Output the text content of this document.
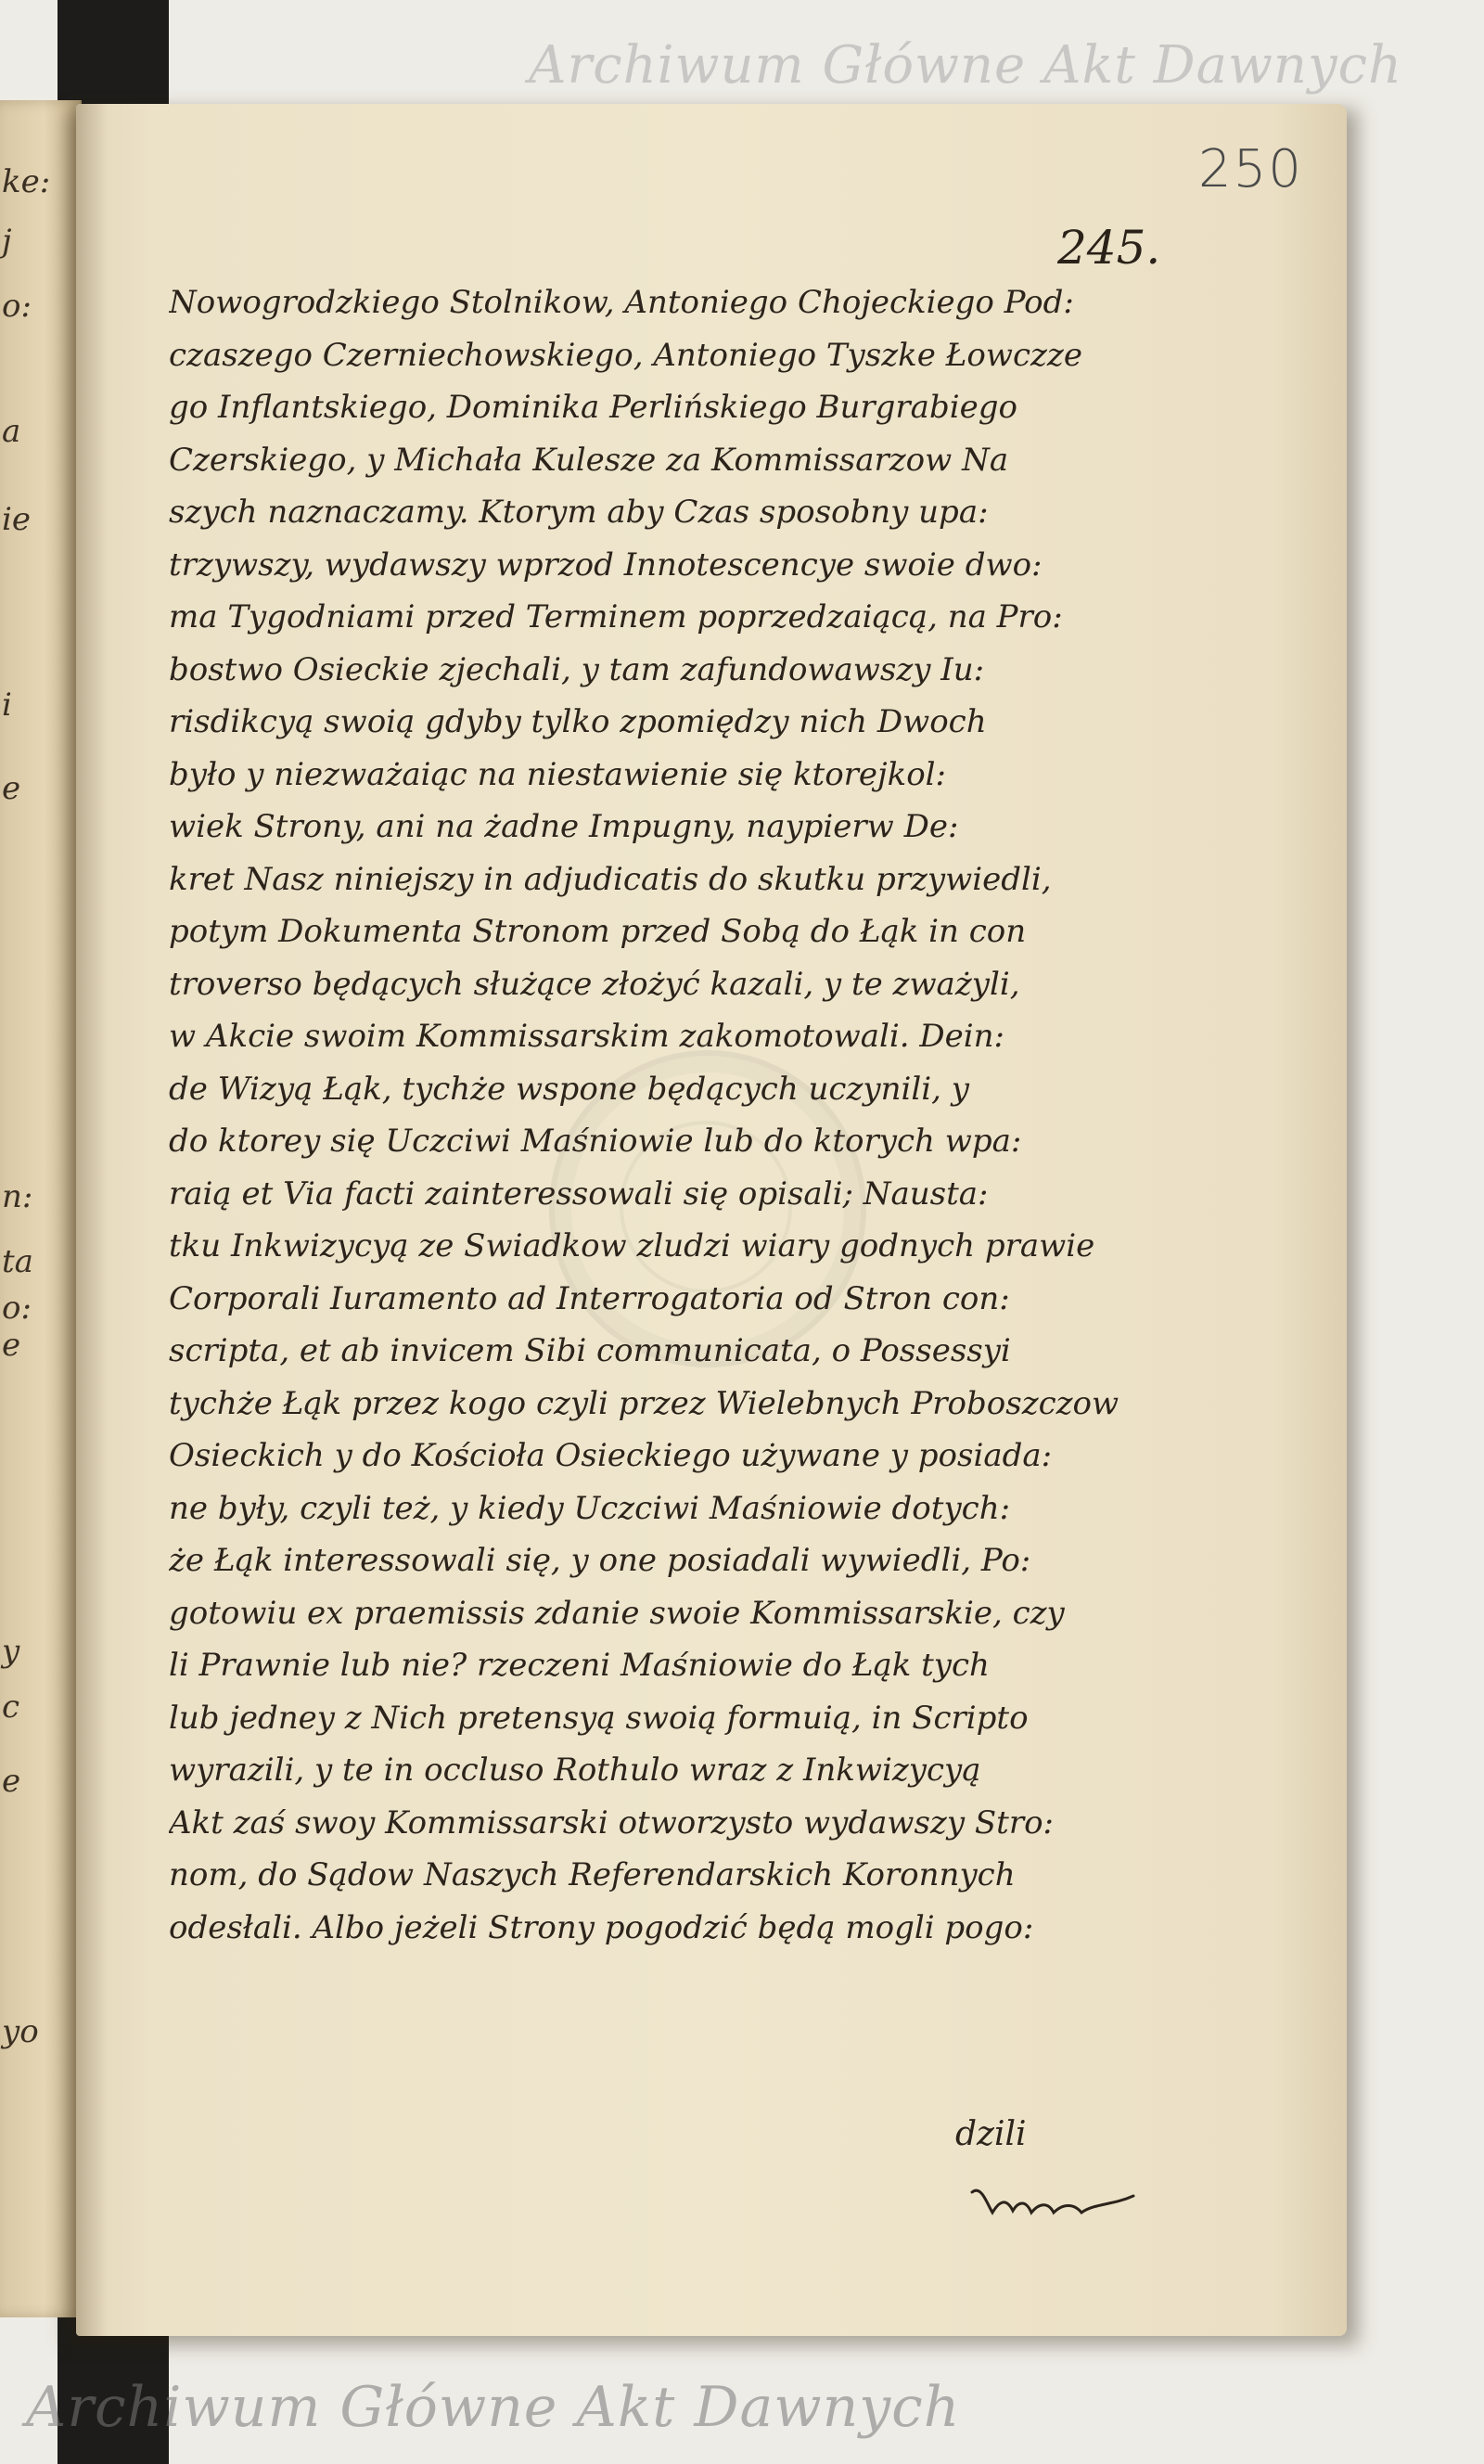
ke:
j
o:
a
ie
i
e
n:
ta
o:
e
y
c
e
yo
250
245.
Nowogrodzkiego Stolnikow, Antoniego Chojeckiego Pod:
czaszego Czerniechowskiego, Antoniego Tyszke Łowczze
go Inflantskiego, Dominika Perlińskiego Burgrabiego
Czerskiego, y Michała Kulesze za Kommissarzow Na
szych naznaczamy. Ktorym aby Czas sposobny upa:
trzywszy, wydawszy wprzod Innotescencye swoie dwo:
ma Tygodniami przed Terminem poprzedzaiącą, na Pro:
bostwo Osieckie zjechali, y tam zafundowawszy Iu:
risdikcyą swoią gdyby tylko zpomiędzy nich Dwoch
było y niezważaiąc na niestawienie się ktorejkol:
wiek Strony, ani na żadne Impugny, naypierw De:
kret Nasz niniejszy in adjudicatis do skutku przywiedli,
potym Dokumenta Stronom przed Sobą do Łąk in con
troverso będących służące złożyć kazali, y te zważyli,
w Akcie swoim Kommissarskim zakomotowali. Dein:
de Wizyą Łąk, tychże wspone będących uczynili, y
do ktorey się Uczciwi Maśniowie lub do ktorych wpa:
raią et Via facti zainteressowali się opisali; Nausta:
tku Inkwizycyą ze Swiadkow zludzi wiary godnych prawie
Corporali Iuramento ad Interrogatoria od Stron con:
scripta, et ab invicem Sibi communicata, o Possessyi
tychże Łąk przez kogo czyli przez Wielebnych Proboszczow
Osieckich y do Kościoła Osieckiego używane y posiada:
ne były, czyli też, y kiedy Uczciwi Maśniowie dotych:
że Łąk interessowali się, y one posiadali wywiedli, Po:
gotowiu ex praemissis zdanie swoie Kommissarskie, czy
li Prawnie lub nie? rzeczeni Maśniowie do Łąk tych
lub jedney z Nich pretensyą swoią formuią, in Scripto
wyrazili, y te in occluso Rothulo wraz z Inkwizycyą
Akt zaś swoy Kommissarski otworzysto wydawszy Stro:
nom, do Sądow Naszych Referendarskich Koronnych
odesłali. Albo jeżeli Strony pogodzić będą mogli pogo:
dzili
Archiwum Główne Akt Dawnych
Archiwum Główne Akt Dawnych
